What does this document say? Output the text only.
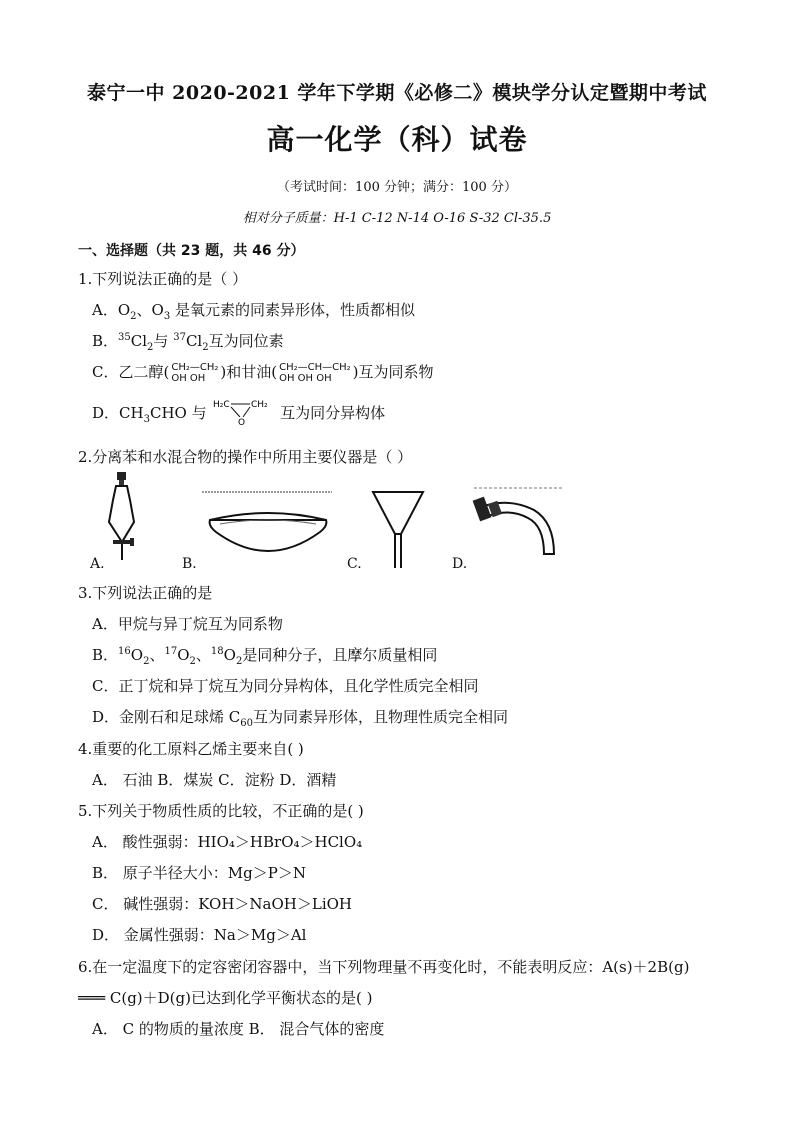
泰宁一中 2020-2021 学年下学期《必修二》模块学分认定暨期中考试
高一化学（科）试卷
（考试时间：100 分钟；满分：100 分）
相对分子质量：H-1 C-12 N-14 O-16 S-32 Cl-35.5
一、选择题（共 23 题，共 46 分）
1.下列说法正确的是（ ）
A．$O_2$、$O_3$ 是氧元素的同素异形体，性质都相似
B．$^{35}Cl_2$与 $^{37}Cl_2$互为同位素
C．乙二醇( CH₂—CH₂
OH OH	)和甘油( CH₂—CH—CH₂
OH OH OH	)互为同系物
D．$CH_3CHO$ 与 H₂C CH₂
O
互为同分异构体
2.分离苯和水混合物的操作中所用主要仪器是（ ）
A.	B.	C.	D.
3.下列说法正确的是
A．甲烷与异丁烷互为同系物
B．$^{16}O_2$、$^{17}O_2$、$^{18}O_2$是同种分子，且摩尔质量相同
C．正丁烷和异丁烷互为同分异构体，且化学性质完全相同
D．金刚石和足球烯 $C_{60}$互为同素异形体，且物理性质完全相同
4.重要的化工原料乙烯主要来自( )
A． 石油 B．煤炭 C．淀粉 D．酒精
5.下列关于物质性质的比较，不正确的是( )
A． 酸性强弱：HIO₄＞HBrO₄＞HClO₄
B． 原子半径大小：Mg＞P＞N
C． 碱性强弱：KOH＞NaOH＞LiOH
D． 金属性强弱：Na＞Mg＞Al
6.在一定温度下的定容密闭容器中，当下列物理量不再变化时，不能表明反应：A(s)＋2B(g)
═══ C(g)＋D(g)已达到化学平衡状态的是( )
A． C 的物质的量浓度 B． 混合气体的密度
